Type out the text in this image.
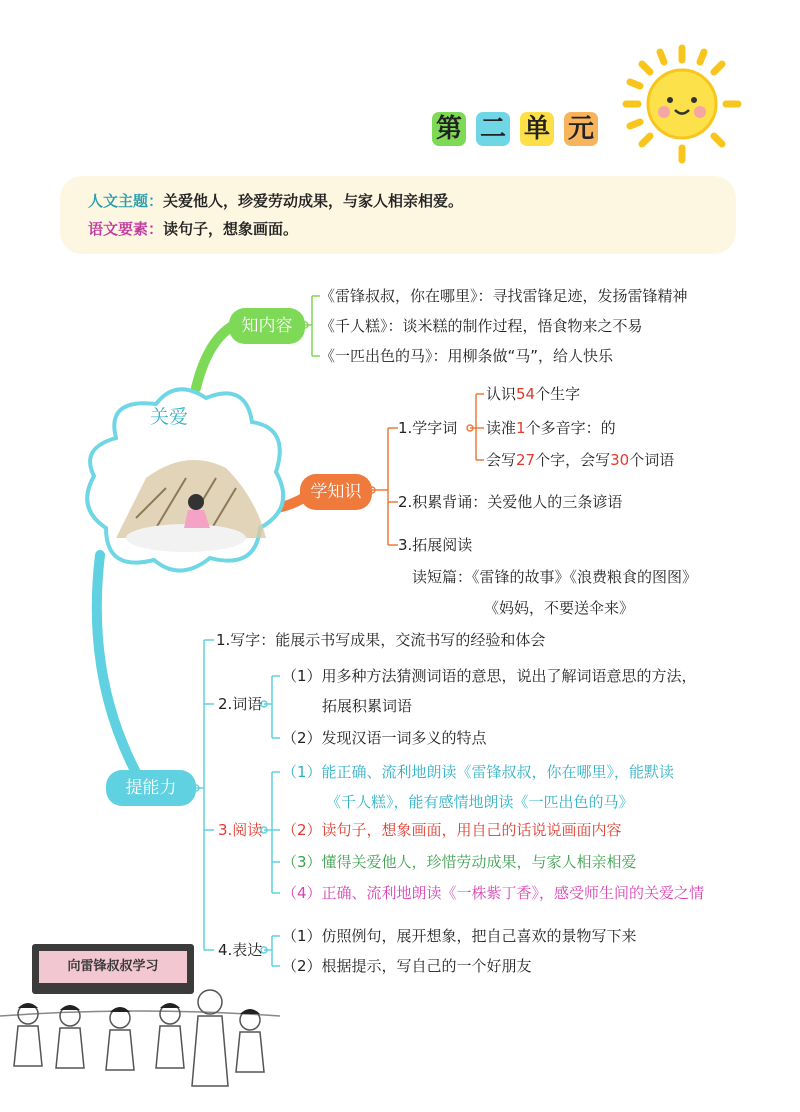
第 二 单 元
人文主题：关爱他人，珍爱劳动成果，与家人相亲相爱。
语文要素：读句子，想象画面。
关爱
知内容
学知识
提能力
《雷锋叔叔，你在哪里》：寻找雷锋足迹，发扬雷锋精神
《千人糕》：谈米糕的制作过程，悟食物来之不易
《一匹出色的马》：用柳条做“马”，给人快乐
1.学字词
认识54个生字
读准1个多音字：的
会写27个字，会写30个词语
2.积累背诵：关爱他人的三条谚语
3.拓展阅读
读短篇：《雷锋的故事》《浪费粮食的图图》
《妈妈，不要送伞来》
1.写字：能展示书写成果，交流书写的经验和体会
2.词语
（1）用多种方法猜测词语的意思，说出了解词语意思的方法，
拓展积累词语
（2）发现汉语一词多义的特点
3.阅读
（1）能正确、流利地朗读《雷锋叔叔，你在哪里》，能默读
《千人糕》，能有感情地朗读《一匹出色的马》
（2）读句子，想象画面，用自己的话说说画面内容
（3）懂得关爱他人，珍惜劳动成果，与家人相亲相爱
（4）正确、流利地朗读《一株紫丁香》，感受师生间的关爱之情
4.表达
（1）仿照例句，展开想象，把自己喜欢的景物写下来
（2）根据提示，写自己的一个好朋友
向雷锋叔叔学习
